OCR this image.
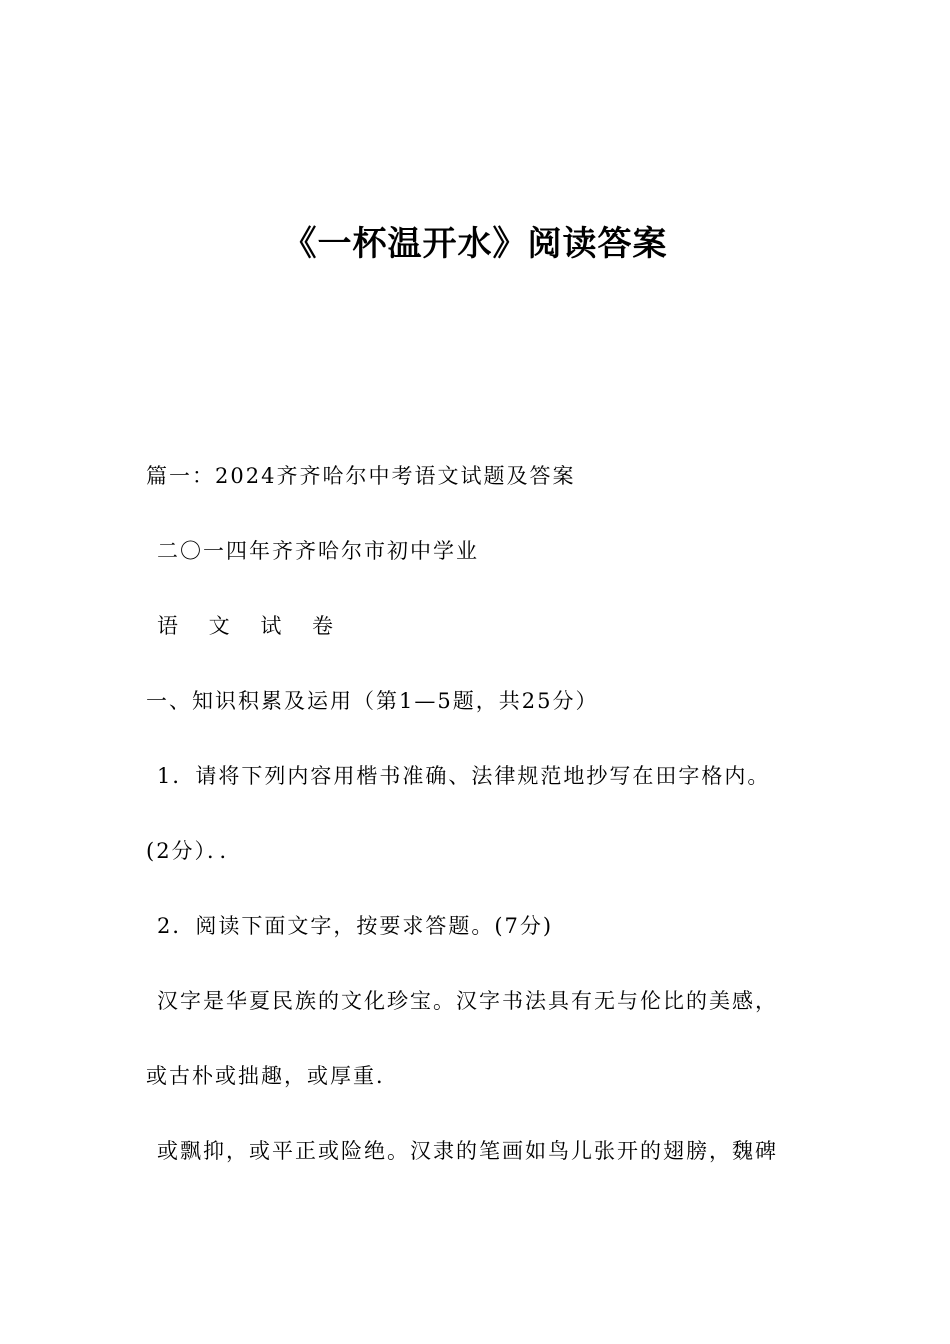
《一杯温开水》阅读答案
篇一：2024齐齐哈尔中考语文试题及答案
二〇一四年齐齐哈尔市初中学业
语 文 试 卷
一、知识积累及运用（第1—5题，共25分）
1．请将下列内容用楷书准确、法律规范地抄写在田字格内。
(2分）．．
2．阅读下面文字，按要求答题。(7分)
汉字是华夏民族的文化珍宝。汉字书法具有无与伦比的美感，
或古朴或拙趣，或厚重．
或飘抑，或平正或险绝。汉隶的笔画如鸟儿张开的翅膀，魏碑
